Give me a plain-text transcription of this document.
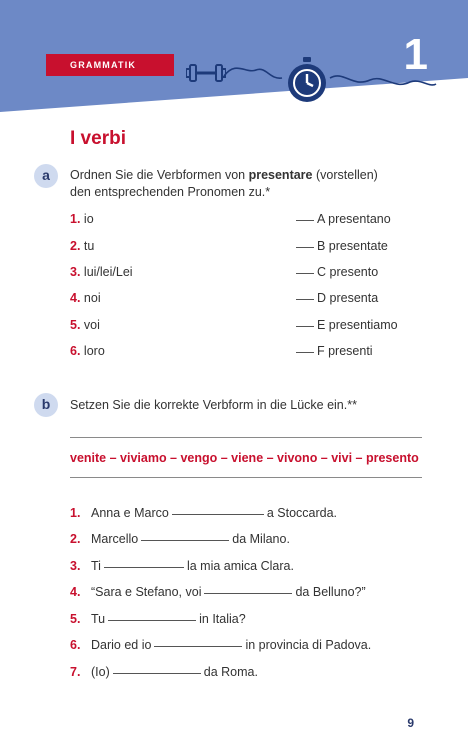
1
GRAMMATIK
I verbi
a	Ordnen Sie die Verbformen von presentare (vorstellen)
den entsprechenden Pronomen zu.*
1. io	A presentano
2. tu	B presentate
3. lui/lei/Lei	C presento
4. noi	D presenta
5. voi	E presentiamo
6. loro	F presenti
b	Setzen Sie die korrekte Verbform in die Lücke ein.**
venite – viviamo – vengo – viene – vivono – vivi – presento
1. Anna e Marco	a Stoccarda.
2. Marcello	da Milano.
3. Ti	la mia amica Clara.
4. “Sara e Stefano, voi	da Belluno?”
5. Tu	in Italia?
6. Dario ed io	in provincia di Padova.
7. (Io)	da Roma.
9
